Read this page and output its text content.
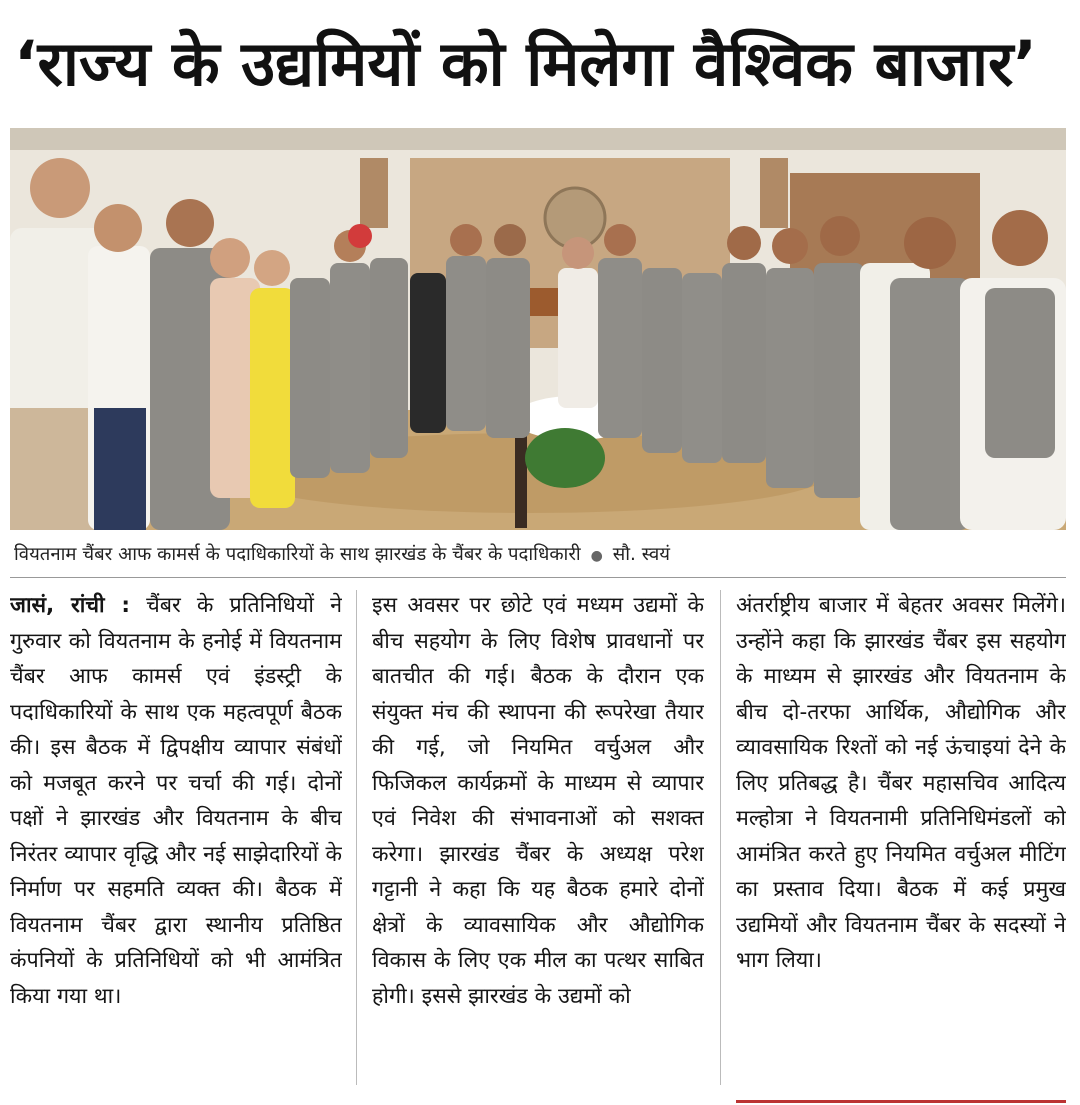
‘राज्य के उद्यमियों को मिलेगा वैश्विक बाजार’
वियतनाम चैंबर आफ कामर्स के पदाधिकारियों के साथ झारखंड के चैंबर के पदाधिकारी ● सौ. स्वयं
जासं, रांची : चैंबर के प्रतिनिधियों ने गुरुवार को वियतनाम के हनोई में वियतनाम चैंबर आफ कामर्स एवं इंडस्ट्री के पदाधिकारियों के साथ एक महत्वपूर्ण बैठक की। इस बैठक में द्विपक्षीय व्यापार संबंधों को मजबूत करने पर चर्चा की गई। दोनों पक्षों ने झारखंड और वियतनाम के बीच निरंतर व्यापार वृद्धि और नई साझेदारियों के निर्माण पर सहमति व्यक्त की। बैठक में वियतनाम चैंबर द्वारा स्थानीय प्रतिष्ठित कंपनियों के प्रतिनिधियों को भी आमंत्रित किया गया था।
इस अवसर पर छोटे एवं मध्यम उद्यमों के बीच सहयोग के लिए विशेष प्रावधानों पर बातचीत की गई। बैठक के दौरान एक संयुक्त मंच की स्थापना की रूपरेखा तैयार की गई, जो नियमित वर्चुअल और फिजिकल कार्यक्रमों के माध्यम से व्यापार एवं निवेश की संभावनाओं को सशक्त करेगा। झारखंड चैंबर के अध्यक्ष परेश गट्टानी ने कहा कि यह बैठक हमारे दोनों क्षेत्रों के व्यावसायिक और औद्योगिक विकास के लिए एक मील का पत्थर साबित होगी। इससे झारखंड के उद्यमों को
अंतर्राष्ट्रीय बाजार में बेहतर अवसर मिलेंगे। उन्होंने कहा कि झारखंड चैंबर इस सहयोग के माध्यम से झारखंड और वियतनाम के बीच दो-तरफा आर्थिक, औद्योगिक और व्यावसायिक रिश्तों को नई ऊंचाइयां देने के लिए प्रतिबद्ध है। चैंबर महासचिव आदित्य मल्होत्रा ने वियतनामी प्रतिनिधिमंडलों को आमंत्रित करते हुए नियमित वर्चुअल मीटिंग का प्रस्ताव दिया। बैठक में कई प्रमुख उद्यमियों और वियतनाम चैंबर के सदस्यों ने भाग लिया।
